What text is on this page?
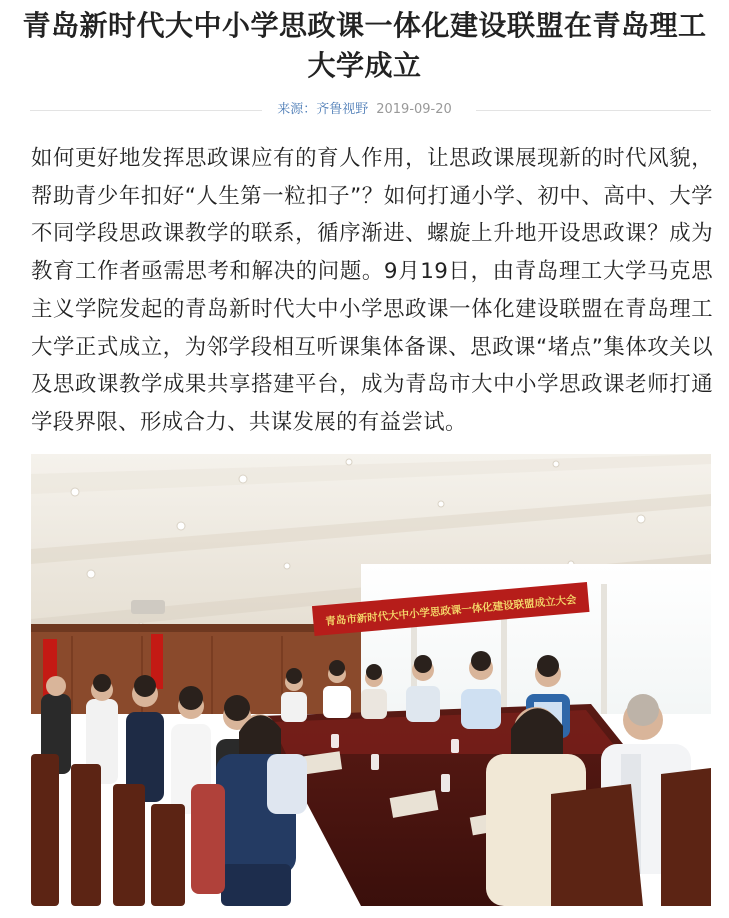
青岛新时代大中小学思政课一体化建设联盟在青岛理工大学成立
来源：齐鲁视野 2019-09-20

如何更好地发挥思政课应有的育人作用，让思政课展现新的时代风貌，帮助青少年扣好“人生第一粒扣子”？如何打通小学、初中、高中、大学不同学段思政课教学的联系，循序渐进、螺旋上升地开设思政课？成为教育工作者亟需思考和解决的问题。9月19日，由青岛理工大学马克思主义学院发起的青岛新时代大中小学思政课一体化建设联盟在青岛理工大学正式成立，为邻学段相互听课集体备课、思政课“堵点”集体攻关以及思政课教学成果共享搭建平台，成为青岛市大中小学思政课老师打通学段界限、形成合力、共谋发展的有益尝试。

青岛市新时代大中小学思政课一体化建设联盟成立大会
